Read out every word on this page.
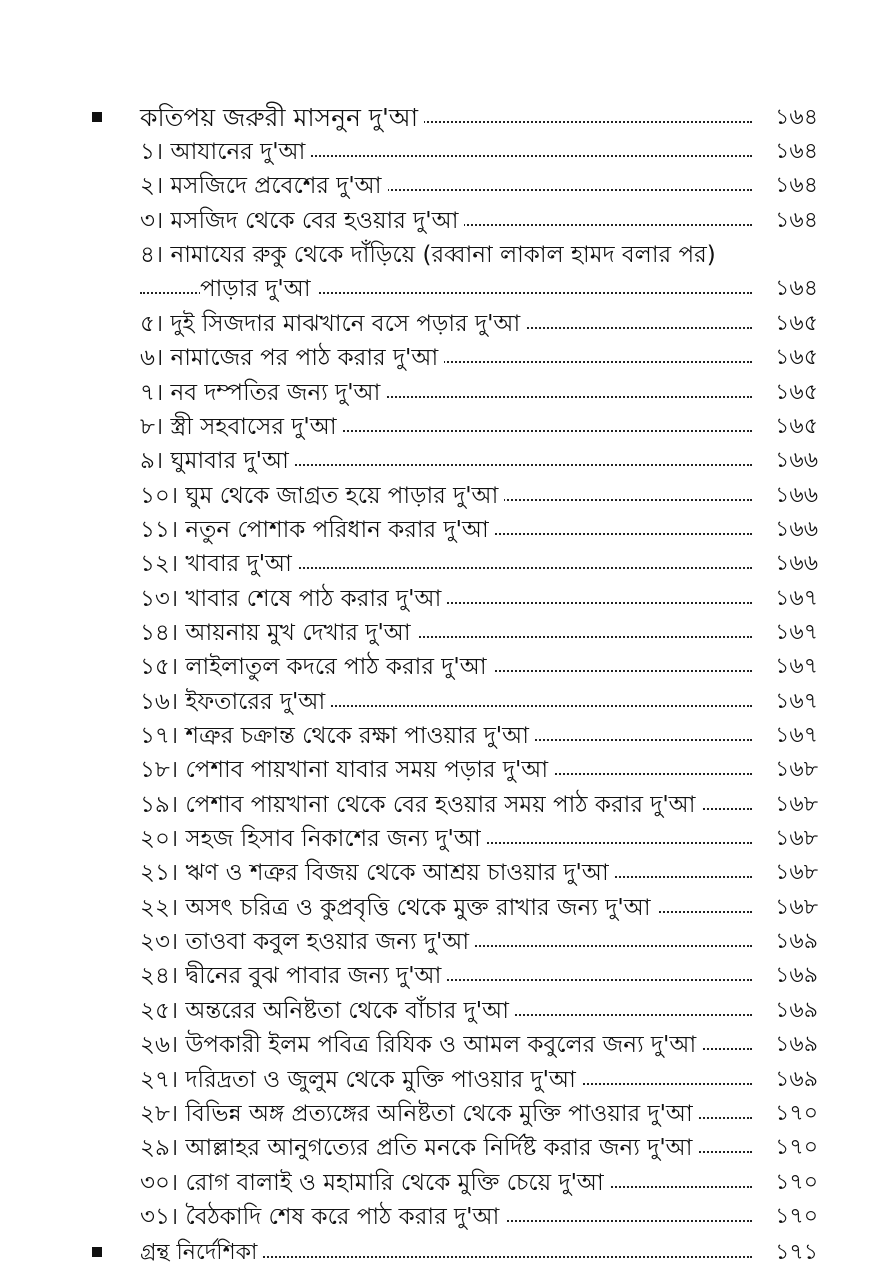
কতিপয় জরুরী মাসনুন দু'আ	১৬৪
১। আযানের দু'আ	১৬৪
২। মসজিদে প্রবেশের দু'আ	১৬৪
৩। মসজিদ থেকে বের হওয়ার দু'আ	১৬৪
৪। নামাযের রুকু থেকে দাঁড়িয়ে (রব্বানা লাকাল হামদ বলার পর)
পাড়ার দু'আ	১৬৪
৫। দুই সিজদার মাঝখানে বসে পড়ার দু'আ	১৬৫
৬। নামাজের পর পাঠ করার দু'আ	১৬৫
৭। নব দম্পতির জন্য দু'আ	১৬৫
৮। স্ত্রী সহবাসের দু'আ	১৬৫
৯। ঘুমাবার দু'আ	১৬৬
১০। ঘুম থেকে জাগ্রত হয়ে পাড়ার দু'আ	১৬৬
১১। নতুন পোশাক পরিধান করার দু'আ	১৬৬
১২। খাবার দু'আ	১৬৬
১৩। খাবার শেষে পাঠ করার দু'আ	১৬৭
১৪। আয়নায় মুখ দেখার দু'আ	১৬৭
১৫। লাইলাতুল কদরে পাঠ করার দু'আ	১৬৭
১৬। ইফতারের দু'আ	১৬৭
১৭। শত্রুর চক্রান্ত থেকে রক্ষা পাওয়ার দু'আ	১৬৭
১৮। পেশাব পায়খানা যাবার সময় পড়ার দু'আ	১৬৮
১৯। পেশাব পায়খানা থেকে বের হওয়ার সময় পাঠ করার দু'আ	১৬৮
২০। সহজ হিসাব নিকাশের জন্য দু'আ	১৬৮
২১। ঋণ ও শত্রুর বিজয় থেকে আশ্রয় চাওয়ার দু'আ	১৬৮
২২। অসৎ চরিত্র ও কুপ্রবৃত্তি থেকে মুক্ত রাখার জন্য দু'আ	১৬৮
২৩। তাওবা কবুল হওয়ার জন্য দু'আ	১৬৯
২৪। দ্বীনের বুঝ পাবার জন্য দু'আ	১৬৯
২৫। অন্তরের অনিষ্টতা থেকে বাঁচার দু'আ	১৬৯
২৬। উপকারী ইলম পবিত্র রিযিক ও আমল কবুলের জন্য দু'আ	১৬৯
২৭। দরিদ্রতা ও জুলুম থেকে মুক্তি পাওয়ার দু'আ	১৬৯
২৮। বিভিন্ন অঙ্গ প্রত্যঙ্গের অনিষ্টতা থেকে মুক্তি পাওয়ার দু'আ	১৭০
২৯। আল্লাহর আনুগত্যের প্রতি মনকে নির্দিষ্ট করার জন্য দু'আ	১৭০
৩০। রোগ বালাই ও মহামারি থেকে মুক্তি চেয়ে দু'আ	১৭০
৩১। বৈঠকাদি শেষ করে পাঠ করার দু'আ	১৭০
গ্রন্থ নির্দেশিকা	১৭১
